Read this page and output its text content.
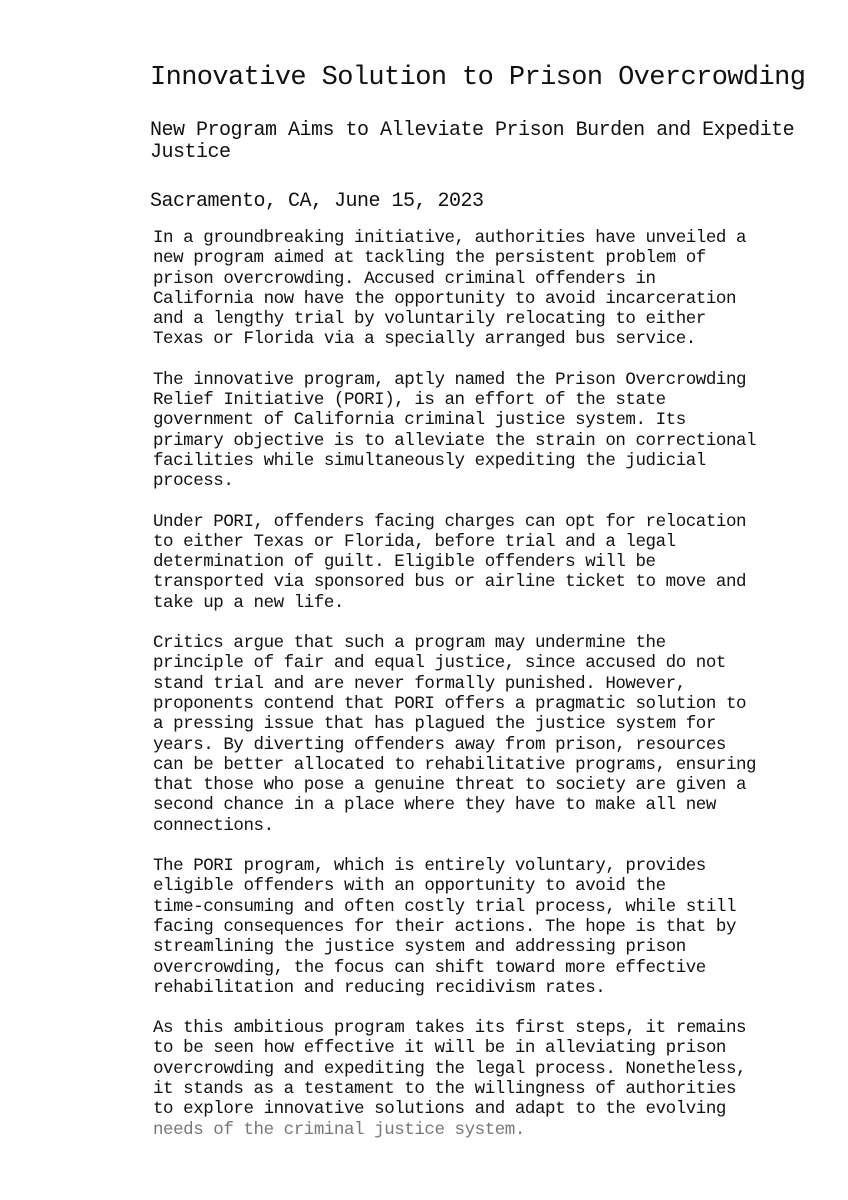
Innovative Solution to Prison Overcrowding
New Program Aims to Alleviate Prison Burden and Expedite Justice
Sacramento, CA, June 15, 2023

In a groundbreaking initiative, authorities have unveiled a
new program aimed at tackling the persistent problem of
prison overcrowding. Accused criminal offenders in
California now have the opportunity to avoid incarceration
and a lengthy trial by voluntarily relocating to either
Texas or Florida via a specially arranged bus service.

The innovative program, aptly named the Prison Overcrowding
Relief Initiative (PORI), is an effort of the state
government of California criminal justice system. Its
primary objective is to alleviate the strain on correctional
facilities while simultaneously expediting the judicial
process.

Under PORI, offenders facing charges can opt for relocation
to either Texas or Florida, before trial and a legal
determination of guilt. Eligible offenders will be
transported via sponsored bus or airline ticket to move and
take up a new life.

Critics argue that such a program may undermine the
principle of fair and equal justice, since accused do not
stand trial and are never formally punished. However,
proponents contend that PORI offers a pragmatic solution to
a pressing issue that has plagued the justice system for
years. By diverting offenders away from prison, resources
can be better allocated to rehabilitative programs, ensuring
that those who pose a genuine threat to society are given a
second chance in a place where they have to make all new
connections.

The PORI program, which is entirely voluntary, provides
eligible offenders with an opportunity to avoid the
time-consuming and often costly trial process, while still
facing consequences for their actions. The hope is that by
streamlining the justice system and addressing prison
overcrowding, the focus can shift toward more effective
rehabilitation and reducing recidivism rates.

As this ambitious program takes its first steps, it remains
to be seen how effective it will be in alleviating prison
overcrowding and expediting the legal process. Nonetheless,
it stands as a testament to the willingness of authorities
to explore innovative solutions and adapt to the evolving
needs of the criminal justice system.
